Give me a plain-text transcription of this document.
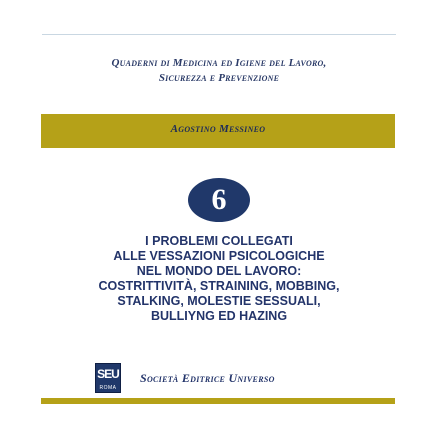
Quaderni di Medicina ed Igiene del Lavoro,
Sicurezza e Prevenzione
Agostino Messineo
6
I PROBLEMI COLLEGATI
ALLE VESSAZIONI PSICOLOGICHE
NEL MONDO DEL LAVORO:
COSTRITTIVITÀ, STRAINING, MOBBING,
STALKING, MOLESTIE SESSUALI,
BULLIYNG ED HAZING
SEU
ROMA
Società Editrice Universo
